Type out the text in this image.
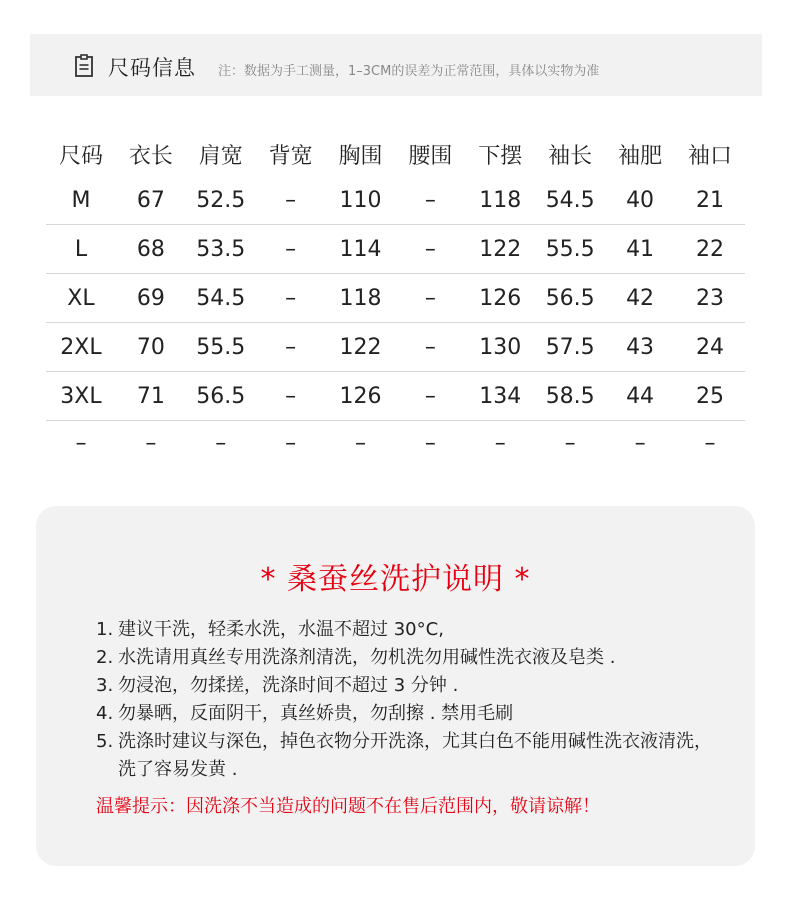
尺码信息 注：数据为手工测量，1–3CM的误差为正常范围，具体以实物为准
尺码	衣长	肩宽	背宽	胸围	腰围	下摆	袖长	袖肥	袖口
M	67	52.5	–	110	–	118	54.5	40	21
L	68	53.5	–	114	–	122	55.5	41	22
XL	69	54.5	–	118	–	126	56.5	42	23
2XL	70	55.5	–	122	–	130	57.5	43	24
3XL	71	56.5	–	126	–	134	58.5	44	25
–	–	–	–	–	–	–	–	–	–
* 桑蚕丝洗护说明 *
1. 建议干洗，轻柔水洗，水温不超过 30°C,
2. 水洗请用真丝专用洗涤剂清洗，勿机洗勿用碱性洗衣液及皂类 .
3. 勿浸泡，勿揉搓，洗涤时间不超过 3 分钟 .
4. 勿暴晒，反面阴干，真丝娇贵，勿刮擦 . 禁用毛刷
5. 洗涤时建议与深色，掉色衣物分开洗涤，尤其白色不能用碱性洗衣液清洗，洗了容易发黄 .
温馨提示：因洗涤不当造成的问题不在售后范围内，敬请谅解！
